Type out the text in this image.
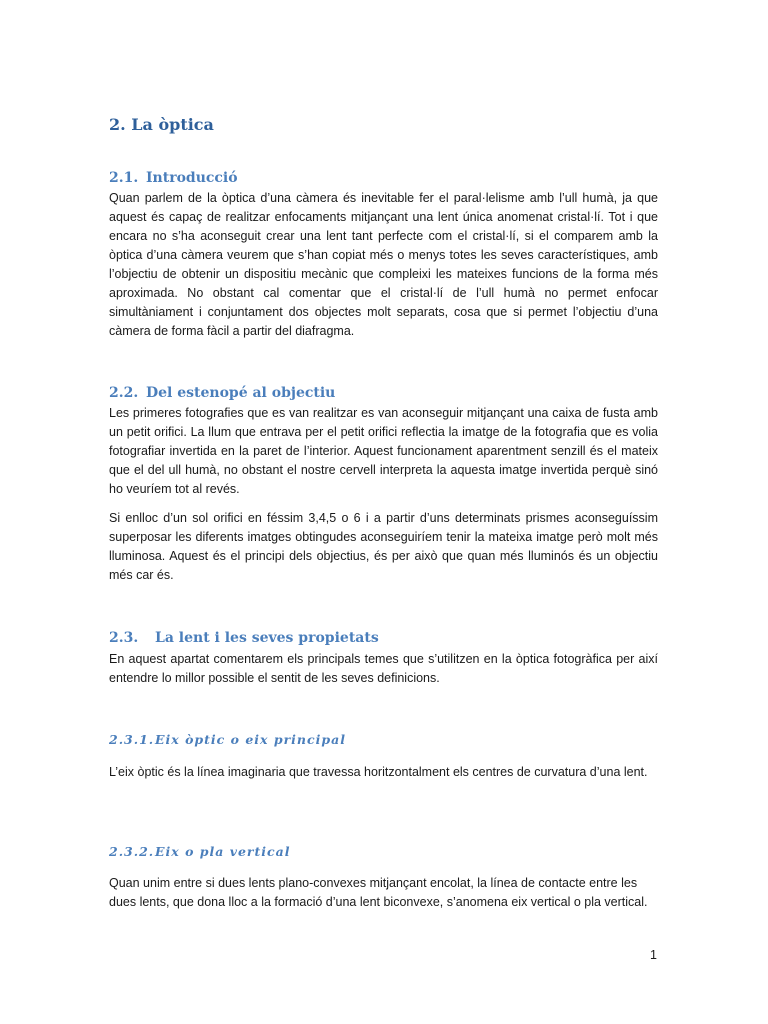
2. La òptica
2.1. Introducció

Quan parlem de la òptica d’una càmera és inevitable fer el paral·lelisme amb l’ull humà, ja que aquest és capaç de realitzar enfocaments mitjançant una lent única anomenat cristal·lí. Tot i que encara no s’ha aconseguit crear una lent tant perfecte com el cristal·lí, si el comparem amb la òptica d’una càmera veurem que s’han copiat més o menys totes les seves característiques, amb l’objectiu de obtenir un dispositiu mecànic que compleixi les mateixes funcions de la forma més aproximada. No obstant cal comentar que el cristal·lí de l’ull humà no permet enfocar simultàniament i conjuntament dos objectes molt separats, cosa que si permet l’objectiu d’una càmera de forma fàcil a partir del diafragma.

2.2. Del estenopé al objectiu

Les primeres fotografies que es van realitzar es van aconseguir mitjançant una caixa de fusta amb un petit orifici. La llum que entrava per el petit orifici reflectia la imatge de la fotografia que es volia fotografiar invertida en la paret de l’interior. Aquest funcionament aparentment senzill és el mateix que el del ull humà, no obstant el nostre cervell interpreta la aquesta imatge invertida perquè sinó ho veuríem tot al revés.

Si enlloc d’un sol orifici en féssim 3,4,5 o 6 i a partir d’uns determinats prismes aconseguíssim superposar les diferents imatges obtingudes aconseguiríem tenir la mateixa imatge però molt més lluminosa. Aquest és el principi dels objectius, és per això que quan més lluminós és un objectiu més car és.

2.3. La lent i les seves propietats

En aquest apartat comentarem els principals temes que s’utilitzen en la òptica fotogràfica per així entendre lo millor possible el sentit de les seves definicions.

2.3.1.Eix òptic o eix principal

L’eix òptic és la línea imaginaria que travessa horitzontalment els centres de curvatura d’una lent.

2.3.2.Eix o pla vertical

Quan unim entre si dues lents plano-convexes mitjançant encolat, la línea de contacte entre les dues lents, que dona lloc a la formació d’una lent biconvexe, s’anomena eix vertical o pla vertical.

1
